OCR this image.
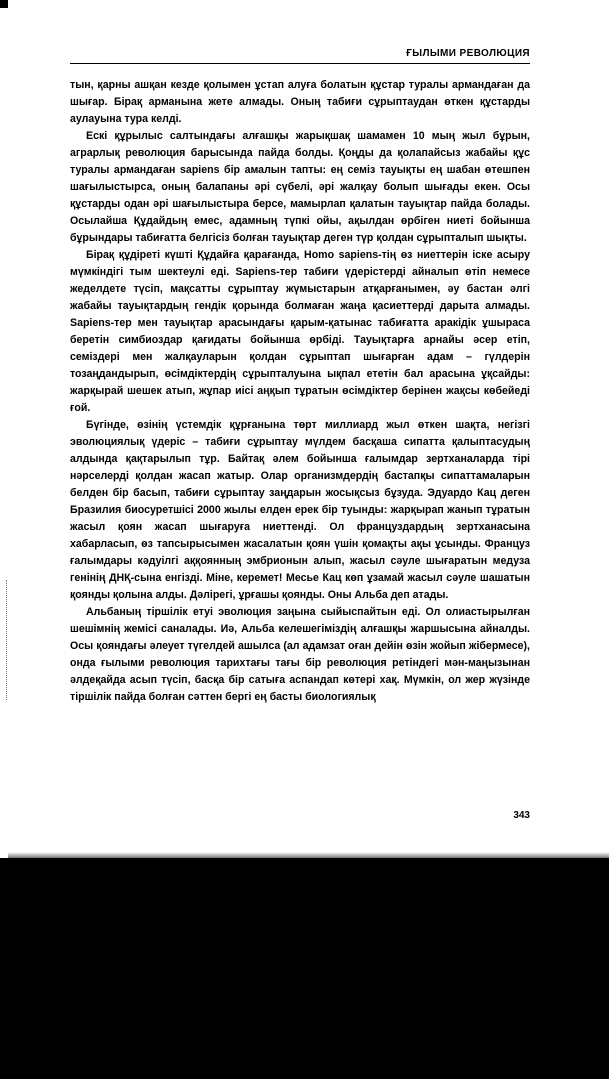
ҒЫЛЫМИ РЕВОЛЮЦИЯ

тын, қарны ашқан кезде қолымен ұстап алуға болатын құстар туралы армандаған да шығар. Бірақ арманына жете алмады. Оның табиғи сұрыптаудан өткен құстарды аулауына тура келді.

Ескі құрылыс салтындағы алғашқы жарықшақ шамамен 10 мың жыл бұрын, аграрлық революция барысында пайда болды. Қоңды да қолапайсыз жабайы құс туралы армандаған sapiens бір амалын тапты: ең семіз тауықты ең шабан өтешпен шағылыстырса, оның балапаны әрі сүбелі, әрі жалқау болып шығады екен. Осы құстарды одан әрі шағылыстыра берсе, мамырлап қалатын тауықтар пайда болады. Осылайша Құдайдың емес, адамның түпкі ойы, ақылдан өрбіген ниеті бойынша бұрындары табиғатта белгісіз болған тауықтар деген түр қолдан сұрыпталып шықты.

Бірақ құдіреті күшті Құдайға қарағанда, Homo sapiens-тің өз ниеттерін іске асыру мүмкіндігі тым шектеулі еді. Sapiens-тер табиғи үдерістерді айналып өтіп немесе жеделдете түсіп, мақсатты сұрыптау жүмыстарын атқарғанымен, әу бастан әлгі жабайы тауықтардың гендік қорында болмаған жаңа қасиеттерді дарыта алмады. Sapiens-тер мен тауықтар арасындағы қарым-қатынас табиғатта аракідік ұшыраса беретін симбиоздар қағидаты бойынша өрбіді. Тауықтарға арнайы әсер етіп, семіздері мен жалқауларын қолдан сұрыптап шығарған адам – гүлдерін тозаңдандырып, өсімдіктердің сұрыпталуына ықпал ететін бал арасына ұқсайды: жарқырай шешек атып, жұпар иісі аңқып тұратын өсімдіктер берінен жақсы көбейеді ғой.

Бүгінде, өзінің үстемдік құрғанына төрт миллиард жыл өткен шақта, негізгі эволюциялық үдеріс – табиғи сұрыптау мүлдем басқаша сипатта қалыптасудың алдында қақтарылып тұр. Байтақ әлем бойынша ғалымдар зертханаларда тірі нәрселерді қолдан жасап жатыр. Олар организмдердің бастапқы сипаттамаларын белден бір басып, табиғи сұрыптау заңдарын жосықсыз бұзуда. Эдуардо Кац деген Бразилия биосуретшісі 2000 жылы елден ерек бір туынды: жарқырап жанып тұратын жасыл қоян жасап шығаруға ниеттенді. Ол француздардың зертханасына хабарласып, өз тапсырысымен жасалатын қоян үшін қомақты ақы ұсынды. Француз ғалымдары кәдуілгі аққоянның эмбрионын алып, жасыл сәуле шығаратын медуза генінің ДНҚ-сына енгізді. Міне, керемет! Месье Кац көп ұзамай жасыл сәуле шашатын қоянды қолына алды. Дәлірегі, ұрғашы қоянды. Оны Альба деп атады.

Альбаның тіршілік етуі эволюция заңына сыйыспайтын еді. Ол олиастырылған шешімнің жемісі саналады. Иә, Альба келешегіміздің алғашқы жаршысына айналды. Осы қояндағы әлеует түгелдей ашылса (ал адамзат оған дейін өзін жойып жібермесе), онда ғылыми революция тарихтағы тағы бір революция ретіндегі мән-маңызынан әлдеқайда асып түсіп, басқа бір сатыға аспандап көтері хақ. Мүмкін, ол жер жүзінде тіршілік пайда болған сәттен бергі ең басты биологиялық

343
